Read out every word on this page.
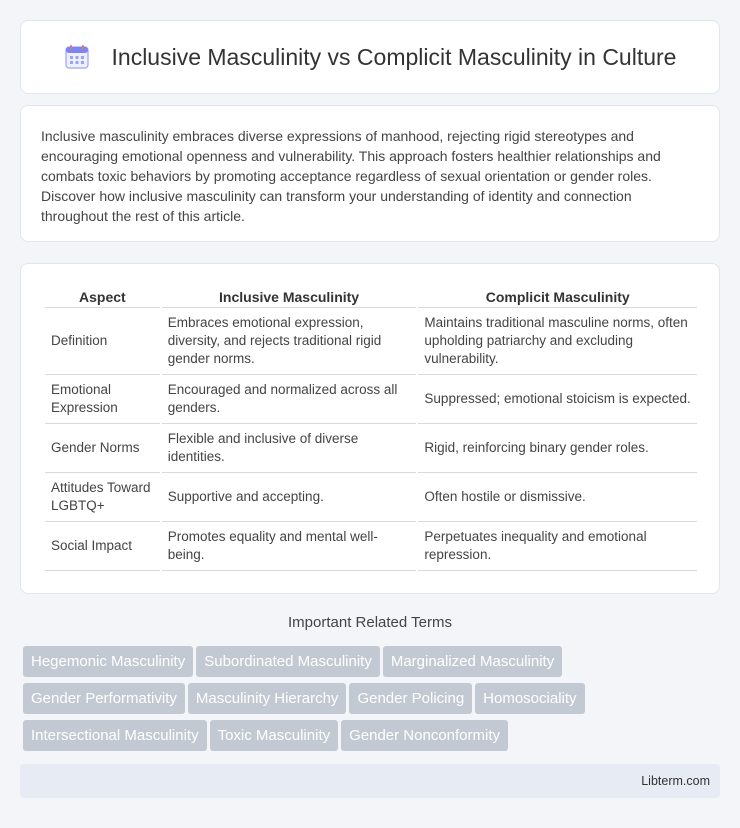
Inclusive Masculinity vs Complicit Masculinity in Culture

Inclusive masculinity embraces diverse expressions of manhood, rejecting rigid stereotypes and encouraging emotional openness and vulnerability. This approach fosters healthier relationships and combats toxic behaviors by promoting acceptance regardless of sexual orientation or gender roles. Discover how inclusive masculinity can transform your understanding of identity and connection throughout the rest of this article.

Aspect	Inclusive Masculinity	Complicit Masculinity
Definition	Embraces emotional expression, diversity, and rejects traditional rigid gender norms.	Maintains traditional masculine norms, often upholding patriarchy and excluding vulnerability.
Emotional Expression	Encouraged and normalized across all genders.	Suppressed; emotional stoicism is expected.
Gender Norms	Flexible and inclusive of diverse identities.	Rigid, reinforcing binary gender roles.
Attitudes Toward LGBTQ+	Supportive and accepting.	Often hostile or dismissive.
Social Impact	Promotes equality and mental well-being.	Perpetuates inequality and emotional repression.
Important Related Terms
Hegemonic Masculinity Subordinated Masculinity Marginalized Masculinity
Gender Performativity Masculinity Hierarchy Gender Policing Homosociality
Intersectional Masculinity Toxic Masculinity Gender Nonconformity
Libterm.com
